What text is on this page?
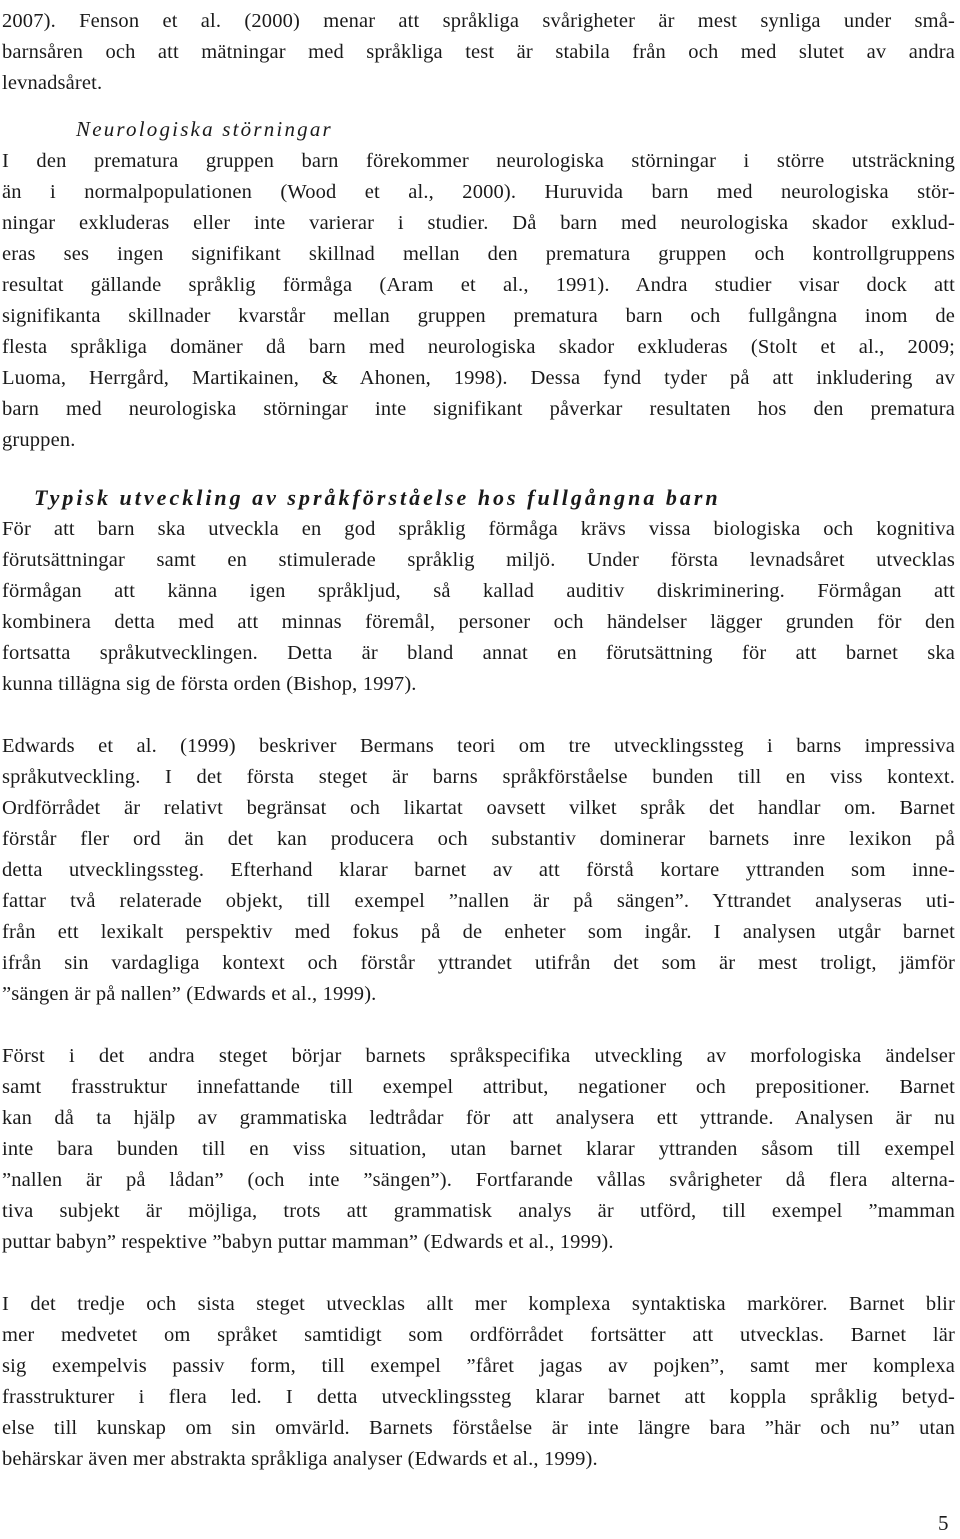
2007). Fenson et al. (2000) menar att språkliga svårigheter är mest synliga under små-
barnsåren och att mätningar med språkliga test är stabila från och med slutet av andra
levnadsåret.
Neurologiska störningar
I den prematura gruppen barn förekommer neurologiska störningar i större utsträckning
än i normalpopulationen (Wood et al., 2000). Huruvida barn med neurologiska stör-
ningar exkluderas eller inte varierar i studier. Då barn med neurologiska skador exklud-
eras ses ingen signifikant skillnad mellan den prematura gruppen och kontrollgruppens
resultat gällande språklig förmåga (Aram et al., 1991). Andra studier visar dock att
signifikanta skillnader kvarstår mellan gruppen prematura barn och fullgångna inom de
flesta språkliga domäner då barn med neurologiska skador exkluderas (Stolt et al., 2009;
Luoma, Herrgård, Martikainen, & Ahonen, 1998). Dessa fynd tyder på att inkludering av
barn med neurologiska störningar inte signifikant påverkar resultaten hos den prematura
gruppen.
Typisk utveckling av språkförståelse hos fullgångna barn
För att barn ska utveckla en god språklig förmåga krävs vissa biologiska och kognitiva
förutsättningar samt en stimulerade språklig miljö. Under första levnadsåret utvecklas
förmågan att känna igen språkljud, så kallad auditiv diskriminering. Förmågan att
kombinera detta med att minnas föremål, personer och händelser lägger grunden för den
fortsatta språkutvecklingen. Detta är bland annat en förutsättning för att barnet ska
kunna tillägna sig de första orden (Bishop, 1997).
Edwards et al. (1999) beskriver Bermans teori om tre utvecklingssteg i barns impressiva
språkutveckling. I det första steget är barns språkförståelse bunden till en viss kontext.
Ordförrådet är relativt begränsat och likartat oavsett vilket språk det handlar om. Barnet
förstår fler ord än det kan producera och substantiv dominerar barnets inre lexikon på
detta utvecklingssteg. Efterhand klarar barnet av att förstå kortare yttranden som inne-
fattar två relaterade objekt, till exempel ”nallen är på sängen”. Yttrandet analyseras uti-
från ett lexikalt perspektiv med fokus på de enheter som ingår. I analysen utgår barnet
ifrån sin vardagliga kontext och förstår yttrandet utifrån det som är mest troligt, jämför
”sängen är på nallen” (Edwards et al., 1999).
Först i det andra steget börjar barnets språkspecifika utveckling av morfologiska ändelser
samt frasstruktur innefattande till exempel attribut, negationer och prepositioner. Barnet
kan då ta hjälp av grammatiska ledtrådar för att analysera ett yttrande. Analysen är nu
inte bara bunden till en viss situation, utan barnet klarar yttranden såsom till exempel
”nallen är på lådan” (och inte ”sängen”). Fortfarande vållas svårigheter då flera alterna-
tiva subjekt är möjliga, trots att grammatisk analys är utförd, till exempel ”mamman
puttar babyn” respektive ”babyn puttar mamman” (Edwards et al., 1999).
I det tredje och sista steget utvecklas allt mer komplexa syntaktiska markörer. Barnet blir
mer medvetet om språket samtidigt som ordförrådet fortsätter att utvecklas. Barnet lär
sig exempelvis passiv form, till exempel ”fåret jagas av pojken”, samt mer komplexa
frasstrukturer i flera led. I detta utvecklingssteg klarar barnet att koppla språklig betyd-
else till kunskap om sin omvärld. Barnets förståelse är inte längre bara ”här och nu” utan
behärskar även mer abstrakta språkliga analyser (Edwards et al., 1999).
5
